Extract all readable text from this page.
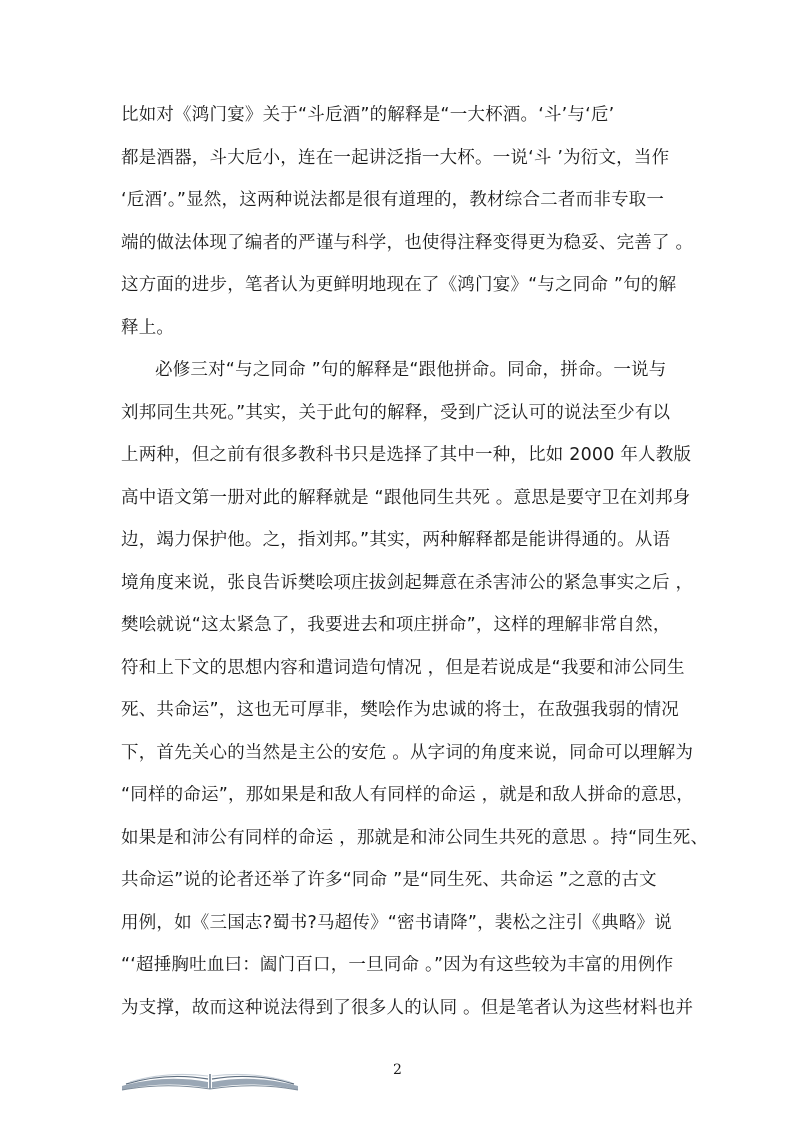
比如对《鸿门宴》关于“斗卮酒”的解释是“一大杯酒。‘斗’与‘卮’
都是酒器，斗大卮小，连在一起讲泛指一大杯。一说‘斗 ’为衍文，当作
‘卮酒’。”显然，这两种说法都是很有道理的，教材综合二者而非专取一
端的做法体现了编者的严谨与科学，也使得注释变得更为稳妥、完善了 。
这方面的进步，笔者认为更鲜明地现在了《鸿门宴》“与之同命 ”句的解
释上。
必修三对“与之同命 ”句的解释是“跟他拼命。同命，拼命。一说与
刘邦同生共死。”其实，关于此句的解释，受到广泛认可的说法至少有以
上两种，但之前有很多教科书只是选择了其中一种，比如 2000 年人教版
高中语文第一册对此的解释就是 “跟他同生共死 。意思是要守卫在刘邦身
边，竭力保护他。之，指刘邦。”其实，两种解释都是能讲得通的。从语
境角度来说，张良告诉樊哙项庄拔剑起舞意在杀害沛公的紧急事实之后 ，
樊哙就说“这太紧急了，我要进去和项庄拼命”，这样的理解非常自然，
符和上下文的思想内容和遣词造句情况 ，但是若说成是“我要和沛公同生
死、共命运”，这也无可厚非，樊哙作为忠诚的将士，在敌强我弱的情况
下，首先关心的当然是主公的安危 。从字词的角度来说，同命可以理解为
“同样的命运”，那如果是和敌人有同样的命运 ，就是和敌人拼命的意思，
如果是和沛公有同样的命运 ，那就是和沛公同生共死的意思 。持“同生死、
共命运”说的论者还举了许多“同命 ”是“同生死、共命运 ”之意的古文
用例，如《三国志?蜀书?马超传》“密书请降”，裴松之注引《典略》说
“‘超捶胸吐血曰：阖门百口，一旦同命 。”因为有这些较为丰富的用例作
为支撑，故而这种说法得到了很多人的认同 。但是笔者认为这些材料也并
2
